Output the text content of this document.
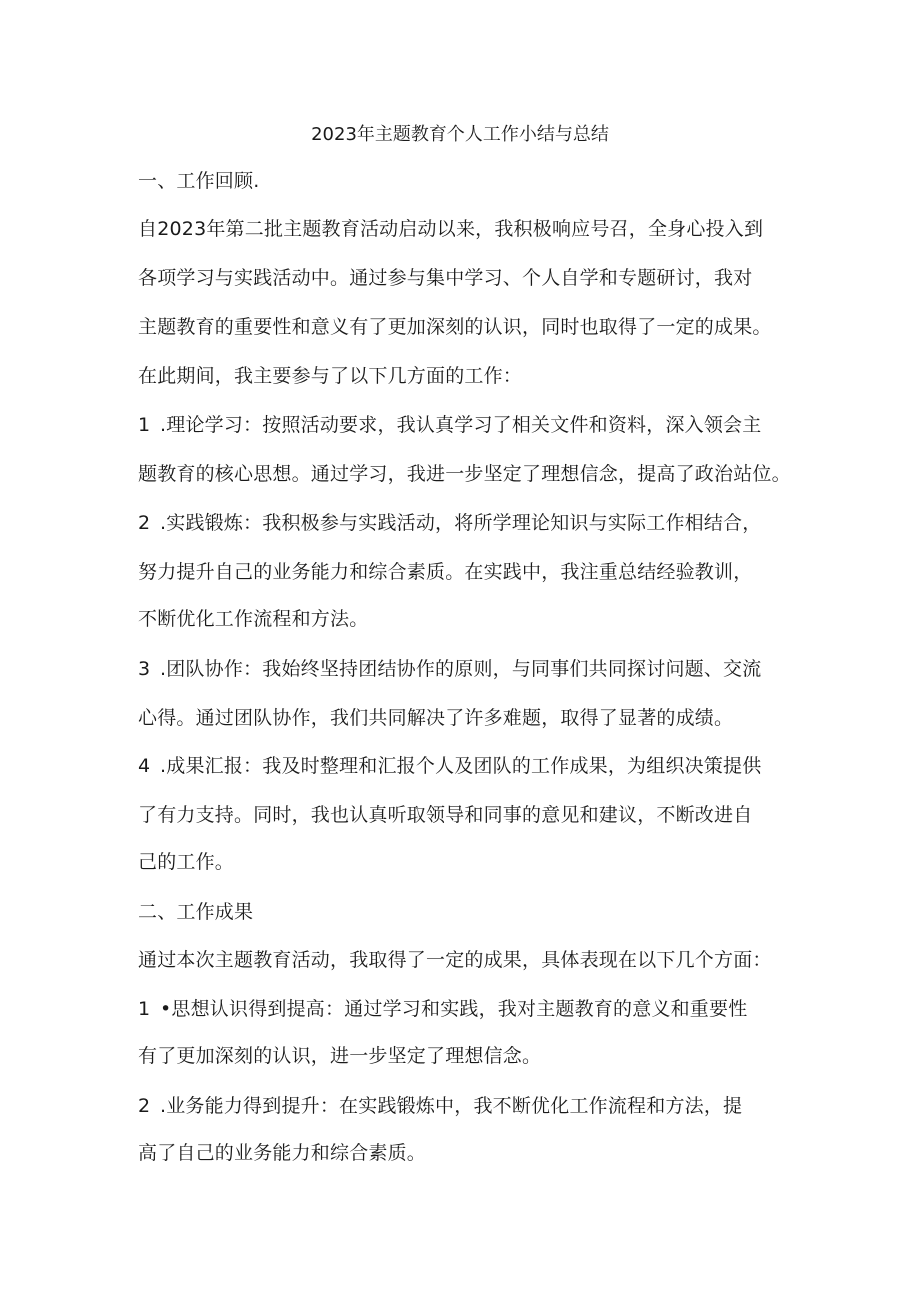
2023年主题教育个人工作小结与总结
一、工作回顾.
自2023年第二批主题教育活动启动以来，我积极响应号召，全身心投入到
各项学习与实践活动中。通过参与集中学习、个人自学和专题研讨，我对
主题教育的重要性和意义有了更加深刻的认识，同时也取得了一定的成果。
在此期间，我主要参与了以下几方面的工作：
1 .理论学习：按照活动要求，我认真学习了相关文件和资料，深入领会主
题教育的核心思想。通过学习，我进一步坚定了理想信念，提高了政治站位。
2 .实践锻炼：我积极参与实践活动，将所学理论知识与实际工作相结合，
努力提升自己的业务能力和综合素质。在实践中，我注重总结经验教训，
不断优化工作流程和方法。
3 .团队协作：我始终坚持团结协作的原则，与同事们共同探讨问题、交流
心得。通过团队协作，我们共同解决了许多难题，取得了显著的成绩。
4 .成果汇报：我及时整理和汇报个人及团队的工作成果，为组织决策提供
了有力支持。同时，我也认真听取领导和同事的意见和建议，不断改进自
己的工作。
二、工作成果
通过本次主题教育活动，我取得了一定的成果，具体表现在以下几个方面：
1 •思想认识得到提高：通过学习和实践，我对主题教育的意义和重要性
有了更加深刻的认识，进一步坚定了理想信念。
2 .业务能力得到提升：在实践锻炼中，我不断优化工作流程和方法，提
高了自己的业务能力和综合素质。
